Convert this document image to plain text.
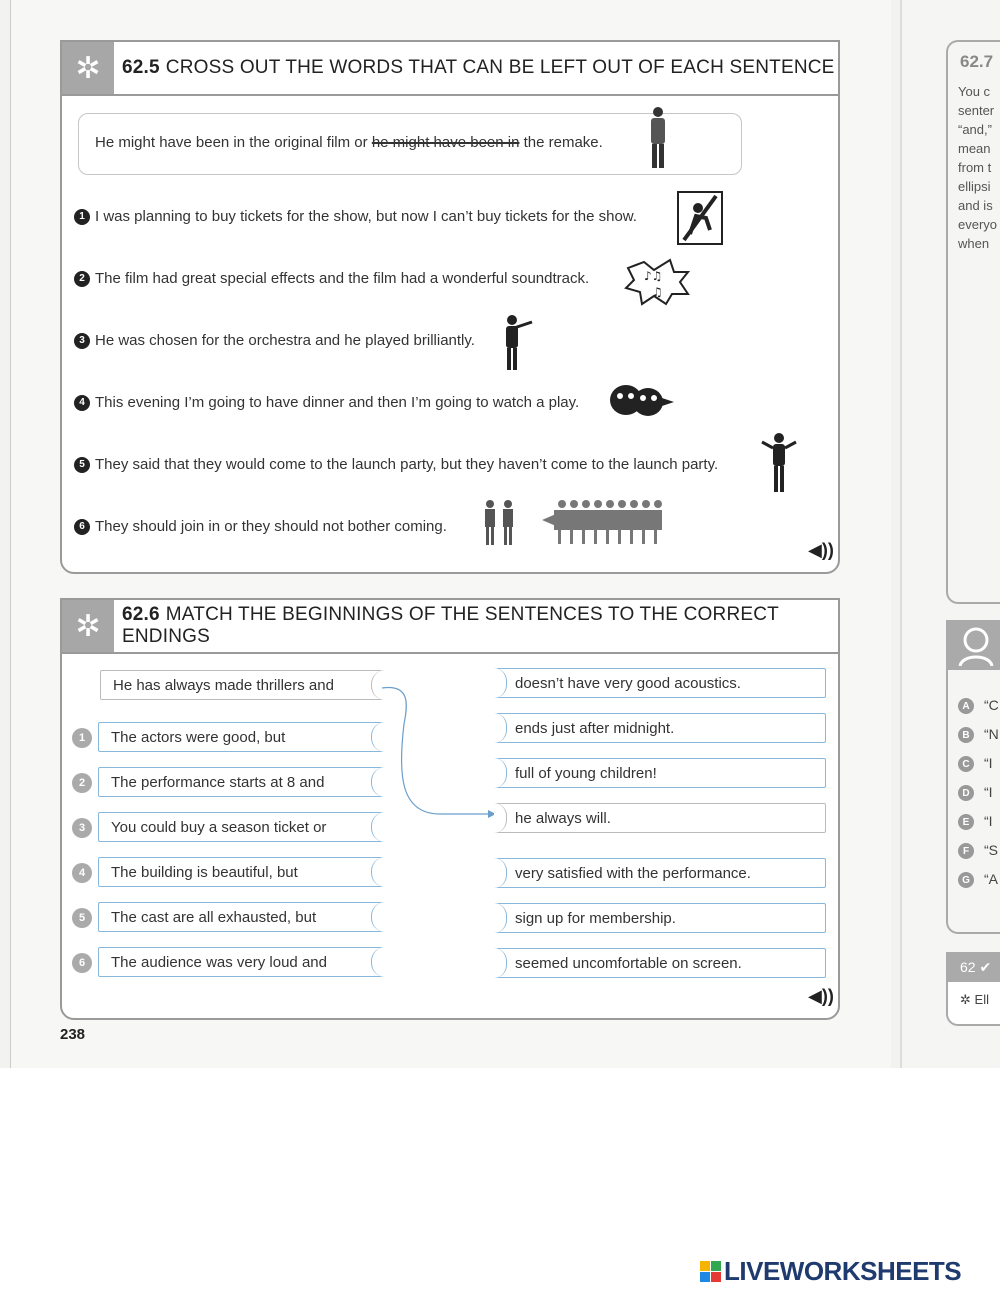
✲	62.5 CROSS OUT THE WORDS THAT CAN BE LEFT OUT OF EACH SENTENCE
He might have been in the original film or he might have been in the remake.
1 I was planning to buy tickets for the show, but now I can’t buy tickets for the show.
2 The film had great special effects and the film had a wonderful soundtrack.	♪♫
♫
3 He was chosen for the orchestra and he played brilliantly.
4 This evening I’m going to have dinner and then I’m going to watch a play.
5 They said that they would come to the launch party, but they haven’t come to the launch party.
6 They should join in or they should not bother coming.
◀))
✲	62.6 MATCH THE BEGINNINGS OF THE SENTENCES TO THE CORRECT ENDINGS
He has always made thrillers and
1	The actors were good, but
2	The performance starts at 8 and
3	You could buy a season ticket or
4	The building is beautiful, but
5	The cast are all exhausted, but
6	The audience was very loud and
doesn’t have very good acoustics.
ends just after midnight.
full of young children!
he always will.
very satisfied with the performance.
sign up for membership.
seemed uncomfortable on screen.
◀))
238
62.7
You c
senter
“and,”
mean
from t
ellipsi
and is
everyo
when
A	“C
B	“N
C	“I
D	“I
E	“I
F	“S
G “A
62 ✔
✲ Ell
LIVEWORKSHEETS
